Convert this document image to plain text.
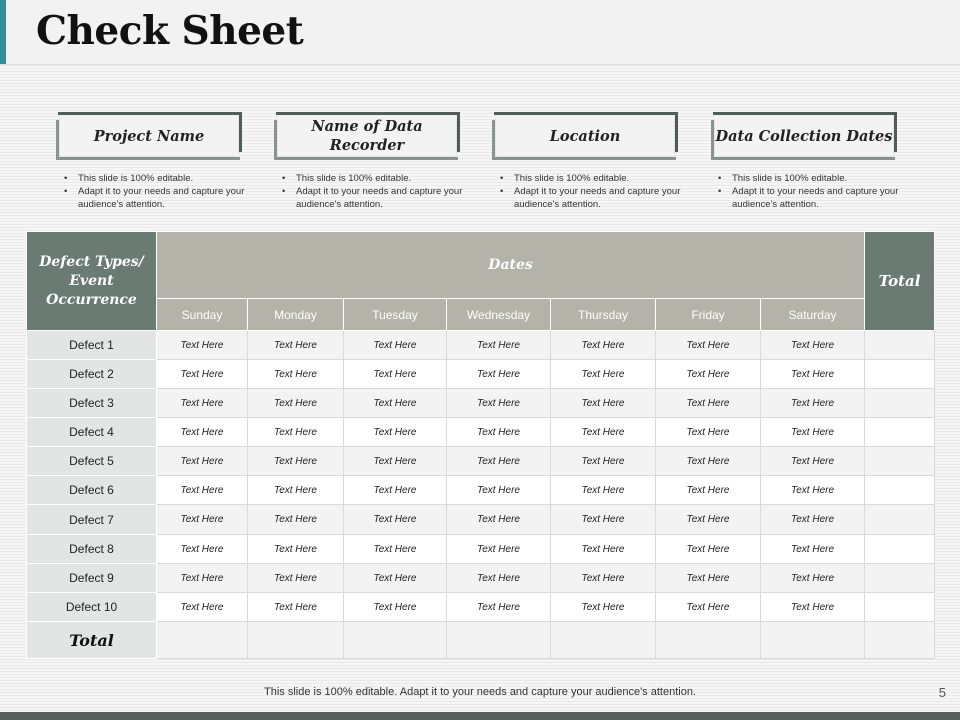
Check Sheet
Project Name
Name of Data Recorder
Location	Data Collection Dates
• This slide is 100% editable.
• Adapt it to your needs and capture your audience's attention.
• This slide is 100% editable.
• Adapt it to your needs and capture your audience's attention.
• This slide is 100% editable.
• Adapt it to your needs and capture your audience's attention.
• This slide is 100% editable.
• Adapt it to your needs and capture your audience's attention.
Defect Types/ Event Occurrence	Dates							Total
	Sunday	Monday	Tuesday	Wednesday	Thursday	Friday	Saturday	
Defect 1	Text Here	Text Here	Text Here	Text Here	Text Here	Text Here	Text Here	
Defect 2	Text Here	Text Here	Text Here	Text Here	Text Here	Text Here	Text Here	
Defect 3	Text Here	Text Here	Text Here	Text Here	Text Here	Text Here	Text Here	
Defect 4	Text Here	Text Here	Text Here	Text Here	Text Here	Text Here	Text Here	
Defect 5	Text Here	Text Here	Text Here	Text Here	Text Here	Text Here	Text Here	
Defect 6	Text Here	Text Here	Text Here	Text Here	Text Here	Text Here	Text Here	
Defect 7	Text Here	Text Here	Text Here	Text Here	Text Here	Text Here	Text Here	
Defect 8	Text Here	Text Here	Text Here	Text Here	Text Here	Text Here	Text Here	
Defect 9	Text Here	Text Here	Text Here	Text Here	Text Here	Text Here	Text Here	
Defect 10	Text Here	Text Here	Text Here	Text Here	Text Here	Text Here	Text Here	
Total								
This slide is 100% editable. Adapt it to your needs and capture your audience's attention.	5
